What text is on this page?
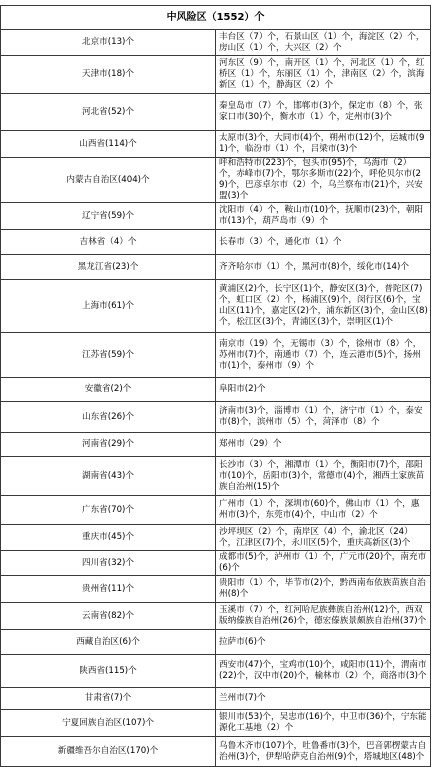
中风险区（1552）个	
北京市(13)个	丰台区（7）个，石景山区（1）个，海淀区（2）个，房山区（1）个，大兴区（2）个
天津市(18)个	河东区（9）个，南开区（1）个，河北区（1）个，红桥区（1）个，东丽区（1）个，津南区（2）个，滨海新区（1）个，静海区（2）个
河北省(52)个	秦皇岛市（7）个，邯郸市(3)个，保定市（8）个，张家口市(30)个，衡水市（1）个，定州市(3)个
山西省(114)个	太原市(3)个，大同市(4)个，朔州市(12)个，运城市(91)个，临汾市（1）个，吕梁市(3)个
内蒙古自治区(404)个	呼和浩特市(223)个，包头市(95)个，乌海市（2）个，赤峰市(7)个，鄂尔多斯市(22)个，呼伦贝尔市(29)个，巴彦卓尔市（2）个，乌兰察布市(21)个，兴安盟(3)个
辽宁省(59)个	沈阳市（4）个，鞍山市(10)个，抚顺市(23)个，朝阳市(13)个，葫芦岛市（9）个
吉林省（4）个	长春市（3）个，通化市（1）个
黑龙江省(23)个	齐齐哈尔市（1）个，黑河市(8)个，绥化市(14)个
上海市(61)个	黄浦区(2)个，长宁区(1)个，静安区(3)个，普陀区(7)个，虹口区（2）个，杨浦区(9)个，闵行区(6)个，宝山区(11)个，嘉定区(2)个，浦东新区(3)个，金山区(8)个，松江区(3)个，青浦区(3)个，崇明区(1)个
江苏省(59)个	南京市（19）个，无锡市（3）个，徐州市（8）个，苏州市(7)个，南通市（7）个，连云港市(5)个，扬州市(1)个，泰州市（9）个
安徽省(2)个	阜阳市(2)个
山东省(26)个	济南市(3)个，淄博市（1）个，济宁市（1）个，泰安市(8)个，滨州市（5）个，菏泽市（8）个
河南省(29)个	郑州市（29）个
湖南省(43)个	长沙市（3）个，湘潭市（1）个，衡阳市(7)个，邵阳市(10)个，岳阳市(3)个，常德市(4)个，湘西土家族苗族自治州(15)个
广东省(70)个	广州市（1）个，深圳市(60)个，佛山市（1）个，惠州市(3)个，东莞市(4)个，中山市（2）个
重庆市(45)个	沙坪坝区（2）个，南岸区（4）个，渝北区（24）个，江津区(7)个，永川区(5)个，重庆高新区(3)个
四川省(32)个	成都市(5)个，泸州市（1）个，广元市(20)个，南充市(6)个
贵州省(11)个	贵阳市（1）个，毕节市(2)个，黔西南布依族苗族自治州(8)个
云南省(82)个	玉溪市（7）个，红河哈尼族彝族自治州(12)个，西双版纳傣族自治州(26)个，德宏傣族景颇族自治州(37)个
西藏自治区(6)个	拉萨市(6)个
陕西省(115)个	西安市(47)个，宝鸡市(10)个，咸阳市(11)个，渭南市(22)个，汉中市(20)个，榆林市（2）个，商洛市(3)个
甘肃省(7)个	兰州市(7)个
宁夏回族自治区(107)个	银川市(53)个，吴忠市(16)个，中卫市(36)个，宁东能源化工基地（2）个
新疆维吾尔自治区(170)个	乌鲁木齐市(107)个，吐鲁番市(3)个，巴音郭楞蒙古自治州(3)个，伊犁哈萨克自治州(9)个，塔城地区(48)个
